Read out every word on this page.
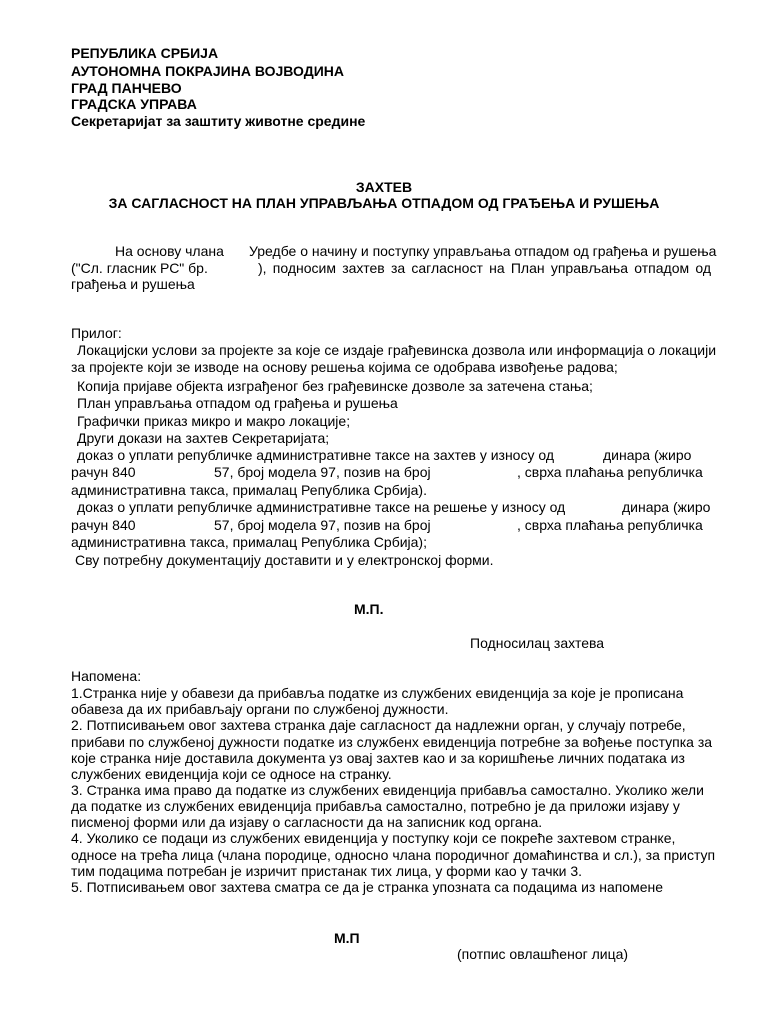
РЕПУБЛИКА СРБИЈА
АУТОНОМНА ПОКРАЈИНА ВОЈВОДИНА
ГРАД ПАНЧЕВО
ГРАДСКА УПРАВА
Секретаријат за заштиту животне средине
ЗАХТЕВ
ЗА САГЛАСНОСТ НА ПЛАН УПРАВЉАЊА ОТПАДОМ ОД ГРАЂЕЊА И РУШЕЊА
На основу члана Уредбе о начину и поступку управљања отпадом од грађења и рушења
("Сл. гласник РС" бр.	), подносим захтев за сагласност на План управљања отпадом од
грађења и рушења
Прилог:
Локацијски услови за пројекте за које се издаје грађевинска дозвола или информација о локацији
за пројекте који зе изводе на основу решења којима се одобрава извођење радова;
Копија пријаве објекта изграђеног без грађевинске дозволе за затечена стања;
План управљања отпадом од грађења и рушења
Графички приказ микро и макро локације;
Други докази на захтев Секретаријата;
доказ о уплати републичке административне таксе на захтев у износу од	динара (жиро
рачун 840	57, број модела 97, позив на број	, сврха плаћања републичка
административна такса, прималац Република Србија).
доказ о уплати републичке административне таксе на решење у износу од	динара (жиро
рачун 840	57, број модела 97, позив на број	, сврха плаћања републичка
административна такса, прималац Република Србија);
Сву потребну документацију доставити и у електронској форми.
М.П.
Подносилац захтева
Напомена:
1.Странка није у обавези да прибавља податке из службених евиденција за које је прописана
обавеза да их прибављају органи по службеној дужности.
2. Потписивањем овог захтева странка даје сагласност да надлежни орган, у случају потребе,
прибави по службеној дужности податке из службенх евиденција потребне за вођење поступка за
које странка није доставила документа уз овај захтев као и за коришћење личних података из
службених евиденција који се односе на странку.
3. Странка има право да податке из службених евиденција прибавља самостално. Уколико жели
да податке из службених евиденција прибавља самостално, потребно је да приложи изјаву у
писменој форми или да изјаву о сагласности да на записник код органа.
4. Уколико се подаци из службених евиденција у поступку који се покреће захтевом странке,
односе на трећа лица (члана породице, односно члана породичног домаћинства и сл.), за приступ
тим подацима потребан је изричит пристанак тих лица, у форми као у тачки 3.
5. Потписивањем овог захтева сматра се да је странка упозната са подацима из напомене
М.П
(потпис овлашћеног лица)
